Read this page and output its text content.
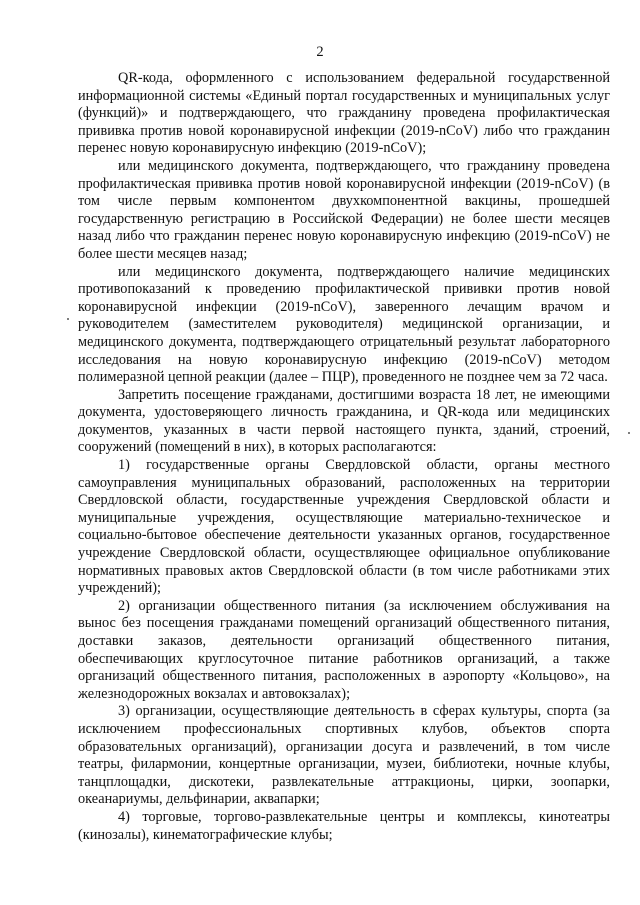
2

QR-кода, оформленного с использованием федеральной государственной информационной системы «Единый портал государственных и муниципальных услуг (функций)» и подтверждающего, что гражданину проведена профилактическая прививка против новой коронавирусной инфекции (2019-nCoV) либо что гражданин перенес новую коронавирусную инфекцию (2019-nCoV);

или медицинского документа, подтверждающего, что гражданину проведена профилактическая прививка против новой коронавирусной инфекции (2019-nCoV) (в том числе первым компонентом двухкомпонентной вакцины, прошедшей государственную регистрацию в Российской Федерации) не более шести месяцев назад либо что гражданин перенес новую коронавирусную инфекцию (2019-nCoV) не более шести месяцев назад;

или медицинского документа, подтверждающего наличие медицинских противопоказаний к проведению профилактической прививки против новой коронавирусной инфекции (2019-nCoV), заверенного лечащим врачом и руководителем (заместителем руководителя) медицинской организации, и медицинского документа, подтверждающего отрицательный результат лабораторного исследования на новую коронавирусную инфекцию (2019-nCoV) методом полимеразной цепной реакции (далее – ПЦР), проведенного не позднее чем за 72 часа.

Запретить посещение гражданами, достигшими возраста 18 лет, не имеющими документа, удостоверяющего личность гражданина, и QR-кода или медицинских документов, указанных в части первой настоящего пункта, зданий, строений, сооружений (помещений в них), в которых располагаются:

1) государственные органы Свердловской области, органы местного самоуправления муниципальных образований, расположенных на территории Свердловской области, государственные учреждения Свердловской области и муниципальные учреждения, осуществляющие материально-техническое и социально-бытовое обеспечение деятельности указанных органов, государственное учреждение Свердловской области, осуществляющее официальное опубликование нормативных правовых актов Свердловской области (в том числе работниками этих учреждений);

2) организации общественного питания (за исключением обслуживания на вынос без посещения гражданами помещений организаций общественного питания, доставки заказов, деятельности организаций общественного питания, обеспечивающих круглосуточное питание работников организаций, а также организаций общественного питания, расположенных в аэропорту «Кольцово», на железнодорожных вокзалах и автовокзалах);

3) организации, осуществляющие деятельность в сферах культуры, спорта (за исключением профессиональных спортивных клубов, объектов спорта образовательных организаций), организации досуга и развлечений, в том числе театры, филармонии, концертные организации, музеи, библиотеки, ночные клубы, танцплощадки, дискотеки, развлекательные аттракционы, цирки, зоопарки, океанариумы, дельфинарии, аквапарки;

4) торговые, торгово-развлекательные центры и комплексы, кинотеатры (кинозалы), кинематографические клубы;
